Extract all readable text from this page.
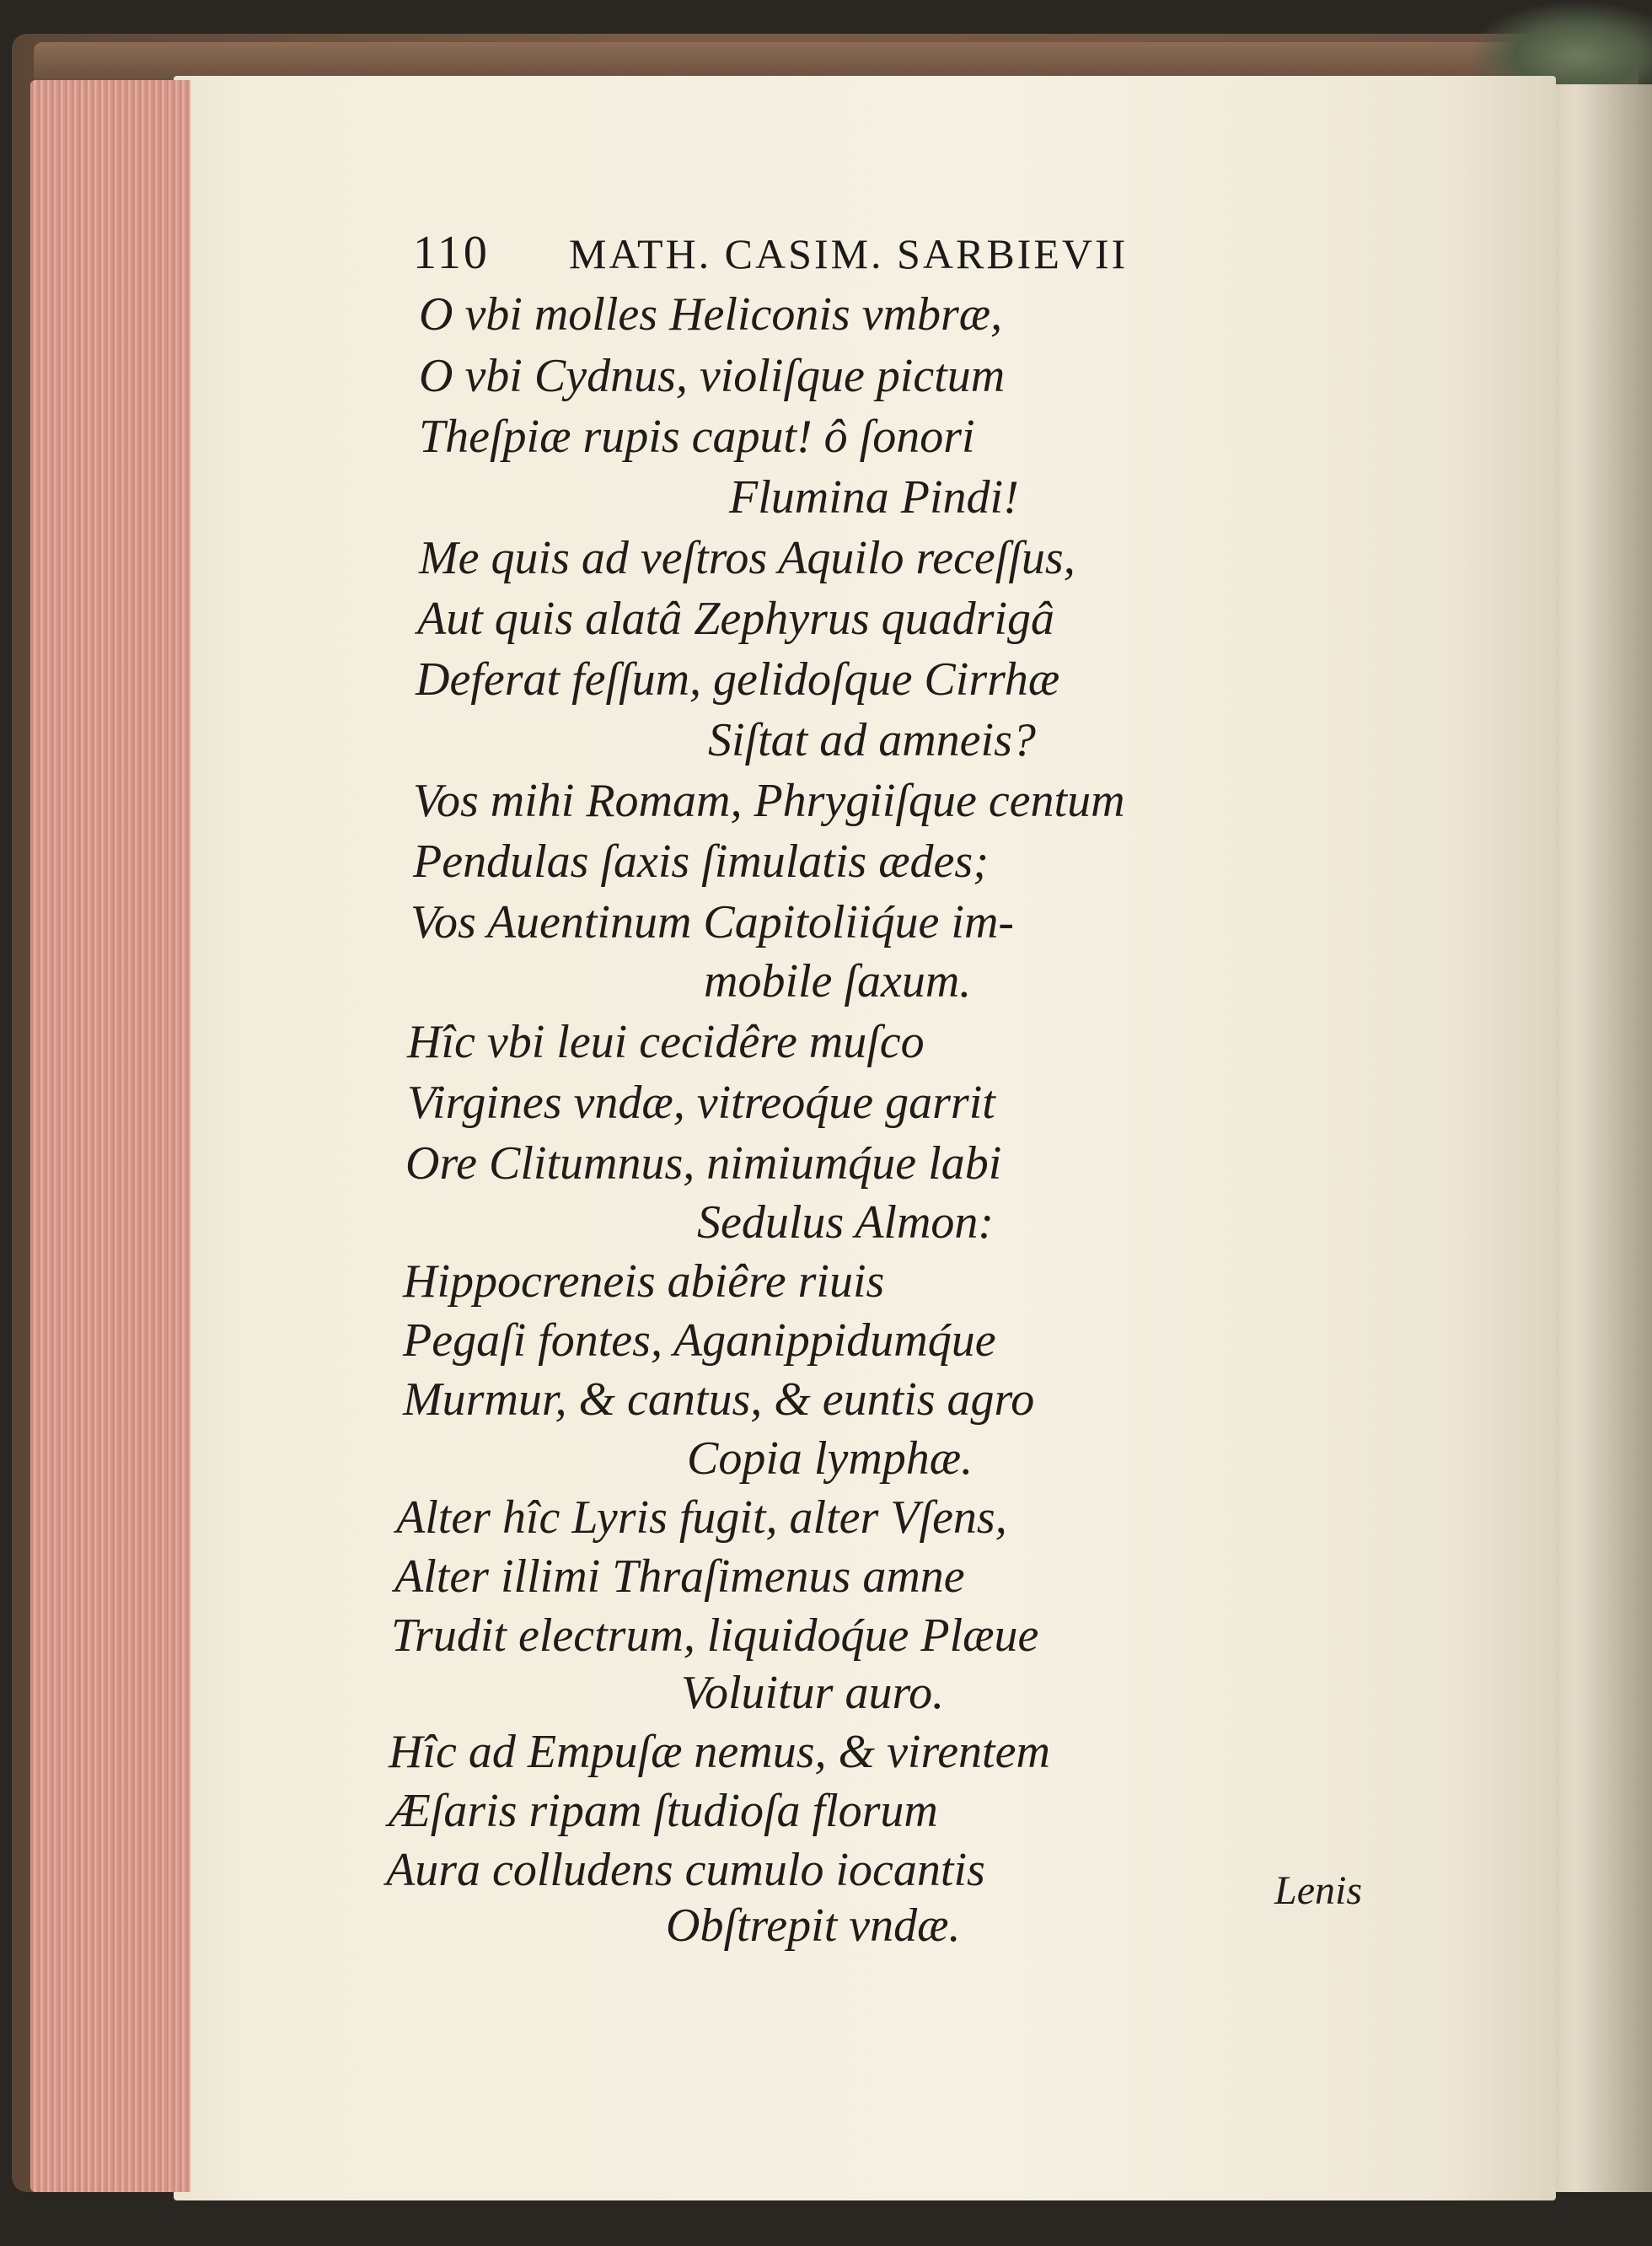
110 MATH. CASIM. SARBIEVII
O vbi molles Heliconis vmbræ,
O vbi Cydnus, violiſque pictum
Theſpiæ rupis caput! ô ſonori
Flumina Pindi!
Me quis ad veſtros Aquilo receſſus,
Aut quis alatâ Zephyrus quadrigâ
Deferat feſſum, gelidoſque Cirrhæ
Siſtat ad amneis?
Vos mihi Romam, Phrygiiſque centum
Pendulas ſaxis ſimulatis ædes;
Vos Auentinum Capitoliiq́ue im-
mobile ſaxum.
Hîc vbi leui cecidêre muſco
Virgines vndæ, vitreoq́ue garrit
Ore Clitumnus, nimiumq́ue labi
Sedulus Almon:
Hippocreneis abiêre riuis
Pegaſi fontes, Aganippidumq́ue
Murmur, & cantus, & euntis agro
Copia lymphæ.
Alter hîc Lyris fugit, alter Vſens,
Alter illimi Thraſimenus amne
Trudit electrum, liquidoq́ue Plæue
Voluitur auro.
Hîc ad Empuſæ nemus, & virentem
Æſaris ripam ſtudioſa florum
Aura colludens cumulo iocantis
Obſtrepit vndæ.
Lenis
